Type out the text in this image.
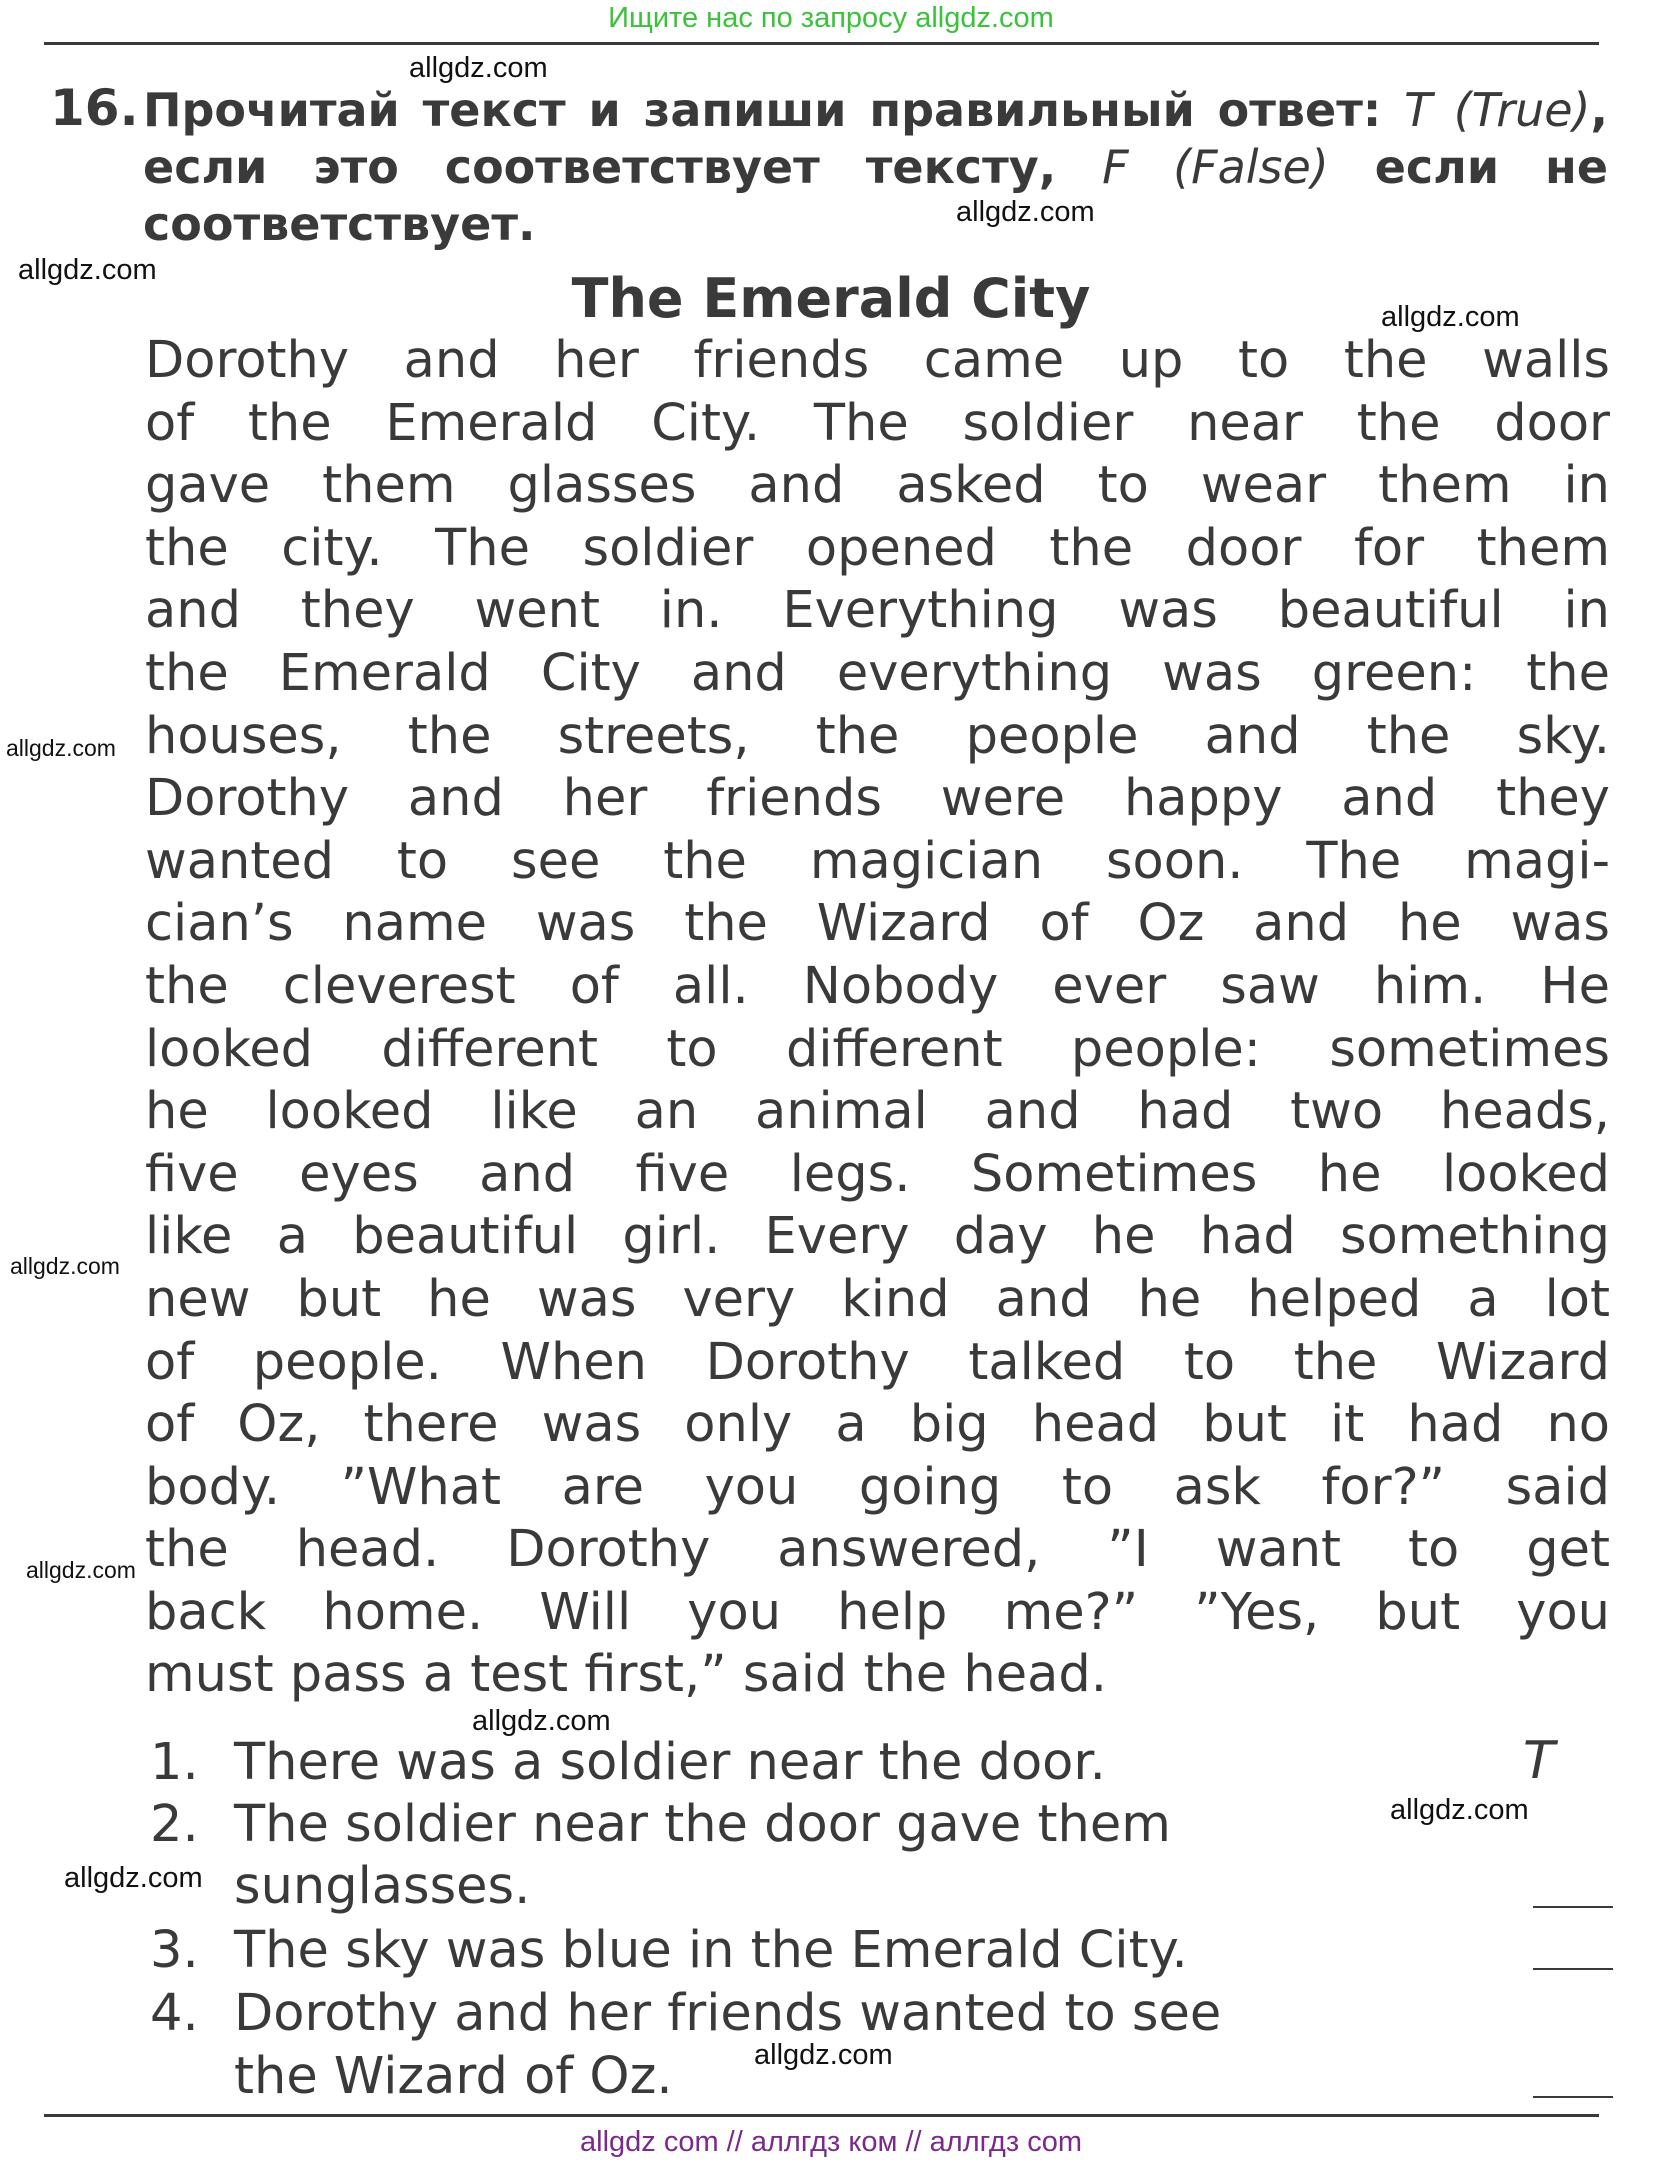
Ищите нас по запросу allgdz.com
allgdz.com
allgdz.com
allgdz.com
allgdz.com
allgdz.com
allgdz.com
allgdz.com
allgdz.com
allgdz.com
allgdz.com
allgdz.com
16. Прочитай текст и запиши правильный ответ: T (True), если это соответствует тексту, F (False) если не соответствует.
The Emerald City
Dorothy and her friends came up to the walls
of the Emerald City. The soldier near the door
gave them glasses and asked to wear them in
the city. The soldier opened the door for them
and they went in. Everything was beautiful in
the Emerald City and everything was green: the
houses, the streets, the people and the sky.
Dorothy and her friends were happy and they
wanted to see the magician soon. The magi-
cian’s name was the Wizard of Oz and he was
the cleverest of all. Nobody ever saw him. He
looked different to different people: sometimes
he looked like an animal and had two heads,
five eyes and five legs. Sometimes he looked
like a beautiful girl. Every day he had something
new but he was very kind and he helped a lot
of people. When Dorothy talked to the Wizard
of Oz, there was only a big head but it had no
body. ”What are you going to ask for?” said
the head. Dorothy answered, ”I want to get
back home. Will you help me?” ”Yes, but you
must pass a test first,” said the head.
1. There was a soldier near the door.	T
2. The soldier near the door gave them
sunglasses.
3. The sky was blue in the Emerald City.
4. Dorothy and her friends wanted to see
the Wizard of Oz.
allgdz com // аллгдз ком // аллгдз com
